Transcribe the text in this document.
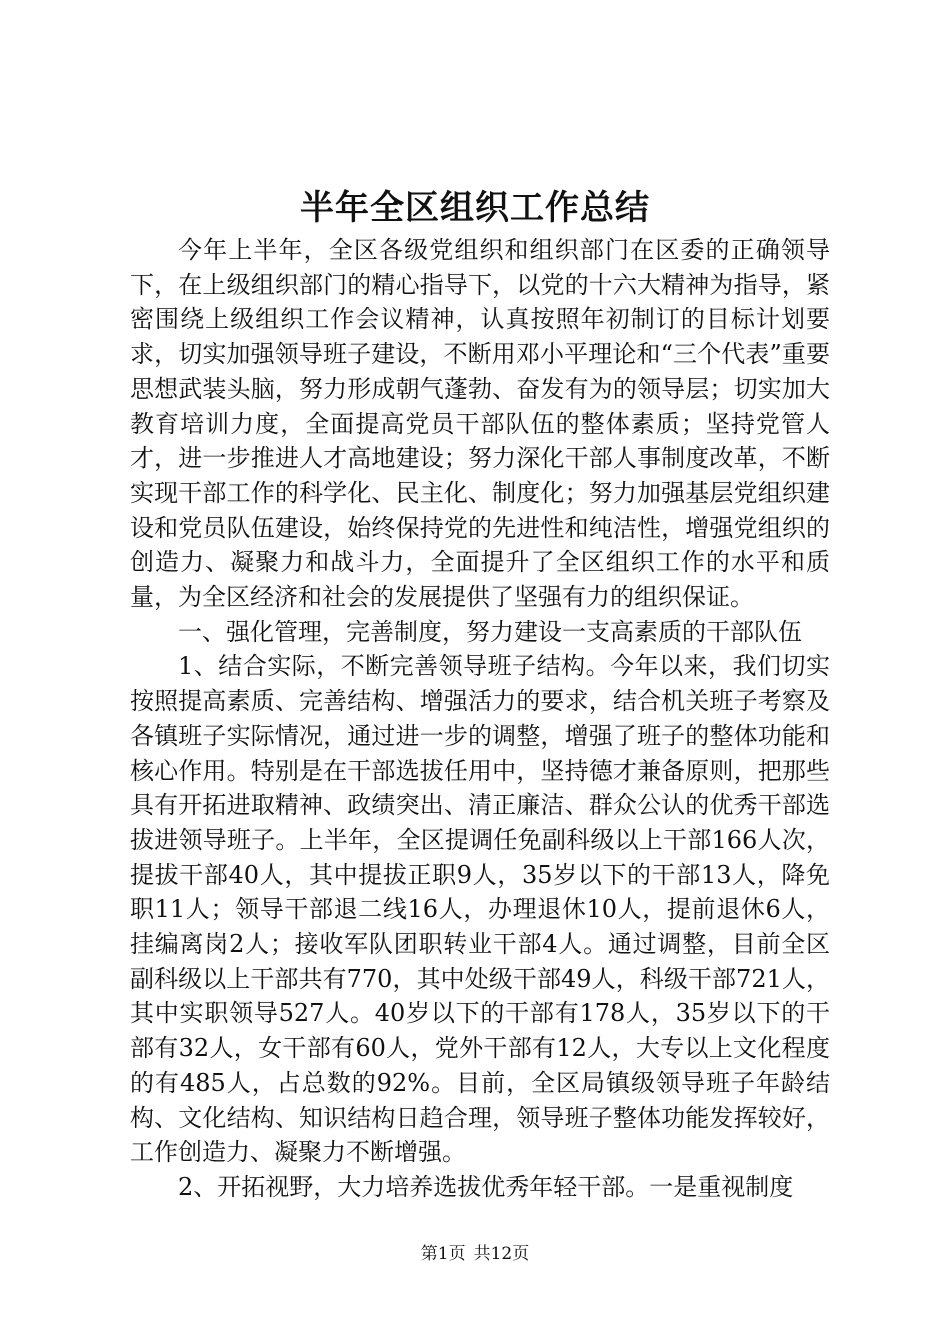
半年全区组织工作总结

今年上半年，全区各级党组织和组织部门在区委的正确领导下，在上级组织部门的精心指导下，以党的十六大精神为指导，紧密围绕上级组织工作会议精神，认真按照年初制订的目标计划要求，切实加强领导班子建设，不断用邓小平理论和“三个代表”重要思想武装头脑，努力形成朝气蓬勃、奋发有为的领导层；切实加大教育培训力度，全面提高党员干部队伍的整体素质；坚持党管人才，进一步推进人才高地建设；努力深化干部人事制度改革，不断实现干部工作的科学化、民主化、制度化；努力加强基层党组织建设和党员队伍建设，始终保持党的先进性和纯洁性，增强党组织的创造力、凝聚力和战斗力，全面提升了全区组织工作的水平和质量，为全区经济和社会的发展提供了坚强有力的组织保证。

一、强化管理，完善制度，努力建设一支高素质的干部队伍

1、结合实际，不断完善领导班子结构。今年以来，我们切实按照提高素质、完善结构、增强活力的要求，结合机关班子考察及各镇班子实际情况，通过进一步的调整，增强了班子的整体功能和核心作用。特别是在干部选拔任用中，坚持德才兼备原则，把那些具有开拓进取精神、政绩突出、清正廉洁、群众公认的优秀干部选拔进领导班子。上半年，全区提调任免副科级以上干部166人次，提拔干部40人，其中提拔正职9人，35岁以下的干部13人，降免职11人；领导干部退二线16人，办理退休10人，提前退休6人，挂编离岗2人；接收军队团职转业干部4人。通过调整，目前全区副科级以上干部共有770，其中处级干部49人，科级干部721人，其中实职领导527人。40岁以下的干部有178人，35岁以下的干部有32人，女干部有60人，党外干部有12人，大专以上文化程度的有485人，占总数的92%。目前，全区局镇级领导班子年龄结构、文化结构、知识结构日趋合理，领导班子整体功能发挥较好，工作创造力、凝聚力不断增强。

2、开拓视野，大力培养选拔优秀年轻干部。一是重视制度

第1页 共12页
